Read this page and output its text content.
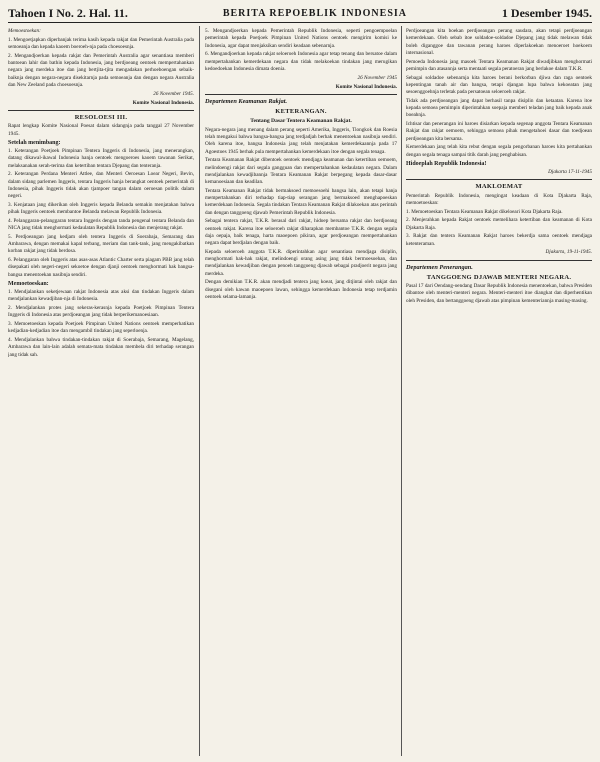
Tahoen I No. 2. Hal. 11.	BERITA REPOEBLIK INDONESIA	1 Desember 1945.

Memoestoekan:

1. Mengoetjapkan diperbanjak terima kasih kepada rakjat dan Pemerintah Australia pada semoeanja dan kepada kaoem boeroeh-nja pada choesoesnja.

2. Mengandjoerkan kepada rakjat dan Pemerintah Australia agar senantiasa memberi bantoean lahir dan bathin kepada Indonesia, jang berdjoeang oentoek mempertahankan negara jang merdeka itoe dan jang bertjita-tjita mengadakan perhoeboengan sebaik-baiknja dengan negara-negara disekitarnja pada semoeanja dan dengan negara Australia dan New Zeeland pada choesoesnja.

26 November 1945.

Komite Nasional Indonesia.

RESOLOESI III.

Rapat lengkap Komite Nasional Poesat dalam sidangnja pada tanggal 27 November 1945.

Setelah menimbang:

1. Keterangan Poetjoek Pimpinan Tentera Inggeris di Indonesia, jang menerangkan, datang dikawal-ikawal Indonesia hanja oentoek mengoeroes kaoem tawanan Serikat, melaksanakan serah-terima dan ketertiban tentara Djepang dan tenteranja.

2. Keterangan Perdana Menteri Attlee, dan Menteri Oeroesan Loear Negeri, Bevin, dalam sidang parlemen Inggeris, tentara Inggeris hanja berangkat oentoek pemerintah di Indonesia, pihak Inggeris tidak akan tjampoer tangan dalam oeroesan politik dalam negeri.

3. Kenjataan jang dikerikan oleh Inggeris kepada Belanda semakin menjatakan bahwa pihak Inggeris oentoek membantoe Belanda melawan Republik Indonesia.

4. Pelanggaran-pelanggaran tentara Inggeris dengan tanda pengenal tentara Belanda dan NICA jang tidak menghormati kedaulatan Republik Indonesia dan menjerang rakjat.

5. Perdjoeangan jang kedjam oleh tentera Inggeris di Soerabaja, Semarang dan Ambarawa, dengan memakai kapal terbang, meriam dan tank-tank, jang mengakibatkan korban rakjat jang tidak berdosa.

6. Pelanggaran oleh Inggeris atas asas-asas Atlantic Charter serta piagam PBB jang telah disepakati oleh negeri-negeri sekoetoe dengan djanji oentoek menghormati hak bangsa-bangsa menentoekan nasibnja sendiri.

Memoetoeskan:

1. Mendjalankan seketjewaan rakjat Indonesia atas aksi dan tindakan Inggeris dalam mendjalankan kewadjiban-nja di Indonesia.

2. Mendjalankan protes jang sekeras-kerasnja kepada Poetjoek Pimpinan Tentera Inggeris di Indonesia atas perdjoeangan jang tidak berperikemanoesiaan.

3. Memoetoeskan kepada Poetjoek Pimpinan United Nations oentoek memperhatikan kedjadian-kedjadian itoe dan mengambil tindakan jang seperloenja.

4. Mendjalankan bahwa tindakan-tindakan rakjat di Soerabaja, Semarang, Magelang, Ambarawa dan lain-lain adalah semata-mata tindakan membela diri terhadap serangan jang tidak sah.

5. Mengandjoerkan kepada Pemerintah Republik Indonesia, seperti pengoempoelan pemerintah kepada Poetjoek Pimpinan United Nations oentoek mengirim komisi ke Indonesia, agar dapat menjaksikan sendiri keadaan sebenarnja.

6. Mengandjoerkan kepada rakjat seloeroeh Indonesia agar tetap tenang dan bersatoe dalam mempertahankan kemerdekaan negara dan tidak melakoekan tindakan jang merugikan kedoedoekan Indonesia dimata doenia.

26 November 1945

Komite Nasional Indonesia.

Departemen Keamanan Rakjat.

KETERANGAN.

Tentang Dasar Tentera Keamanan Rakjat.

Negara-negara jang menang dalam perang seperti Amerika, Inggeris, Tiongkok dan Roesia telah mengakui bahwa bangsa-bangsa jang terdjadjah berhak menentoekan nasibnja sendiri. Oleh karena itoe, bangsa Indonesia jang telah menjatakan kemerdekaannja pada 17 Agoestoes 1945 berhak pula mempertahankan kemerdekaan itoe dengan segala tenaga.

Tentara Keamanan Rakjat dibentoek oentoek mendjaga keamanan dan ketertiban oemoem, melindoengi rakjat dari segala gangguan dan mempertahankan kedaulatan negara. Dalam mendjalankan kewadjibannja Tentara Keamanan Rakjat berpegang kepada dasar-dasar kemanoesiaan dan keadilan.

Tentara Keamanan Rakjat tidak bermaksoed memoesoehi bangsa lain, akan tetapi hanja mempertahankan diri terhadap tiap-tiap serangan jang bermaksoed menghapoeskan kemerdekaan Indonesia. Segala tindakan Tentara Keamanan Rakjat dilakoekan atas perintah dan dengan tanggoeng djawab Pemerintah Republik Indonesia.

Sebagai tentera rakjat, T.K.R. berasal dari rakjat, hidoep bersama rakjat dan berdjoeang oentoek rakjat. Karena itoe seloeroeh rakjat diharapkan membantoe T.K.R. dengan segala daja oepaja, baik tenaga, harta maoepoen pikiran, agar perdjoeangan mempertahankan negara dapat berdjalan dengan baik.

Kepada seloeroeh anggota T.K.R. diperintahkan agar senantiasa mendjaga disiplin, menghormati hak-hak rakjat, melindoengi orang asing jang tidak bermoesoehan, dan mendjalankan kewadjiban dengan penoeh tanggoeng djawab sebagai pradjoerit negara jang merdeka.

Dengan demikian T.K.R. akan mendjadi tentera jang koeat, jang ditjintai oleh rakjat dan disegani oleh kawan maoepoen lawan, sehingga kemerdekaan Indonesia tetap terdjamin oentoek selama-lamanja.

Perdjoeangan kita boekan perdjoeangan perang saudara, akan tetapi perdjoeangan kemerdekaan. Oleh sebab itoe soldadoe-soldadoe Djepang jang tidak melawan tidak boleh diganggoe dan tawanan perang haroes diperlakoekan menoeroet hoekoem internasional.

Pemoeda Indonesia jang masoek Tentara Keamanan Rakjat diwadjibkan menghormati pemimpin dan atasannja serta mentaati segala peratoeran jang berlakoe dalam T.K.R.

Sebagai soldadoe sebenarnja kita haroes berani berkorban djiwa dan raga oentoek kepentingan tanah air dan bangsa, tetapi djangan lupa bahwa kekoeatan jang sesoenggoehnja terletak pada persatoean seloeroeh rakjat.

Tidak ada perdjoeangan jang dapat berhasil tanpa disiplin dan ketaatan. Karena itoe kepada semoea pemimpin diperintahkan soepaja memberi teladan jang baik kepada anak boeahnja.

Ichtisar dan penerangan ini haroes disiarkan kepada segenap anggota Tentara Keamanan Rakjat dan rakjat oemoem, sehingga semoea pihak mengetahoei dasar dan toedjoean perdjoeangan kita bersama.

Kemerdekaan jang telah kita rebut dengan segala pengorbanan haroes kita pertahankan dengan segala tenaga sampai titik darah jang penghabisan.

Hidoeplah Republik Indonesia!

Djakarta 17-11-1945

MAKLOEMAT

Pemerintah Republik Indonesia, mengingat keadaan di Kota Djakarta Raja, memoetoeskan:

1. Memoetoeskan Tentara Keamanan Rakjat dikeloeari Kota Djakarta Raja.

2. Menjerahkan kepada Rakjat oentoek memelihara ketertiban dan keamanan di Kota Djakarta Raja.

3. Rakjat dan tentera Keamanan Rakjat haroes bekerdja sama oentoek mendjaga ketenteraman.

Djakarta, 19-11-1945.

Departemen Penerangan.

TANGGOENG DJAWAB MENTERI NEGARA.

Pasal 17 dari Oendang-oendang Dasar Republik Indonesia menentoekan, bahwa Presiden dibantoe oleh menteri-menteri negara. Menteri-menteri itoe diangkat dan diperhentikan oleh Presiden, dan bertanggoeng djawab atas pimpinan kementeriannja masing-masing.
